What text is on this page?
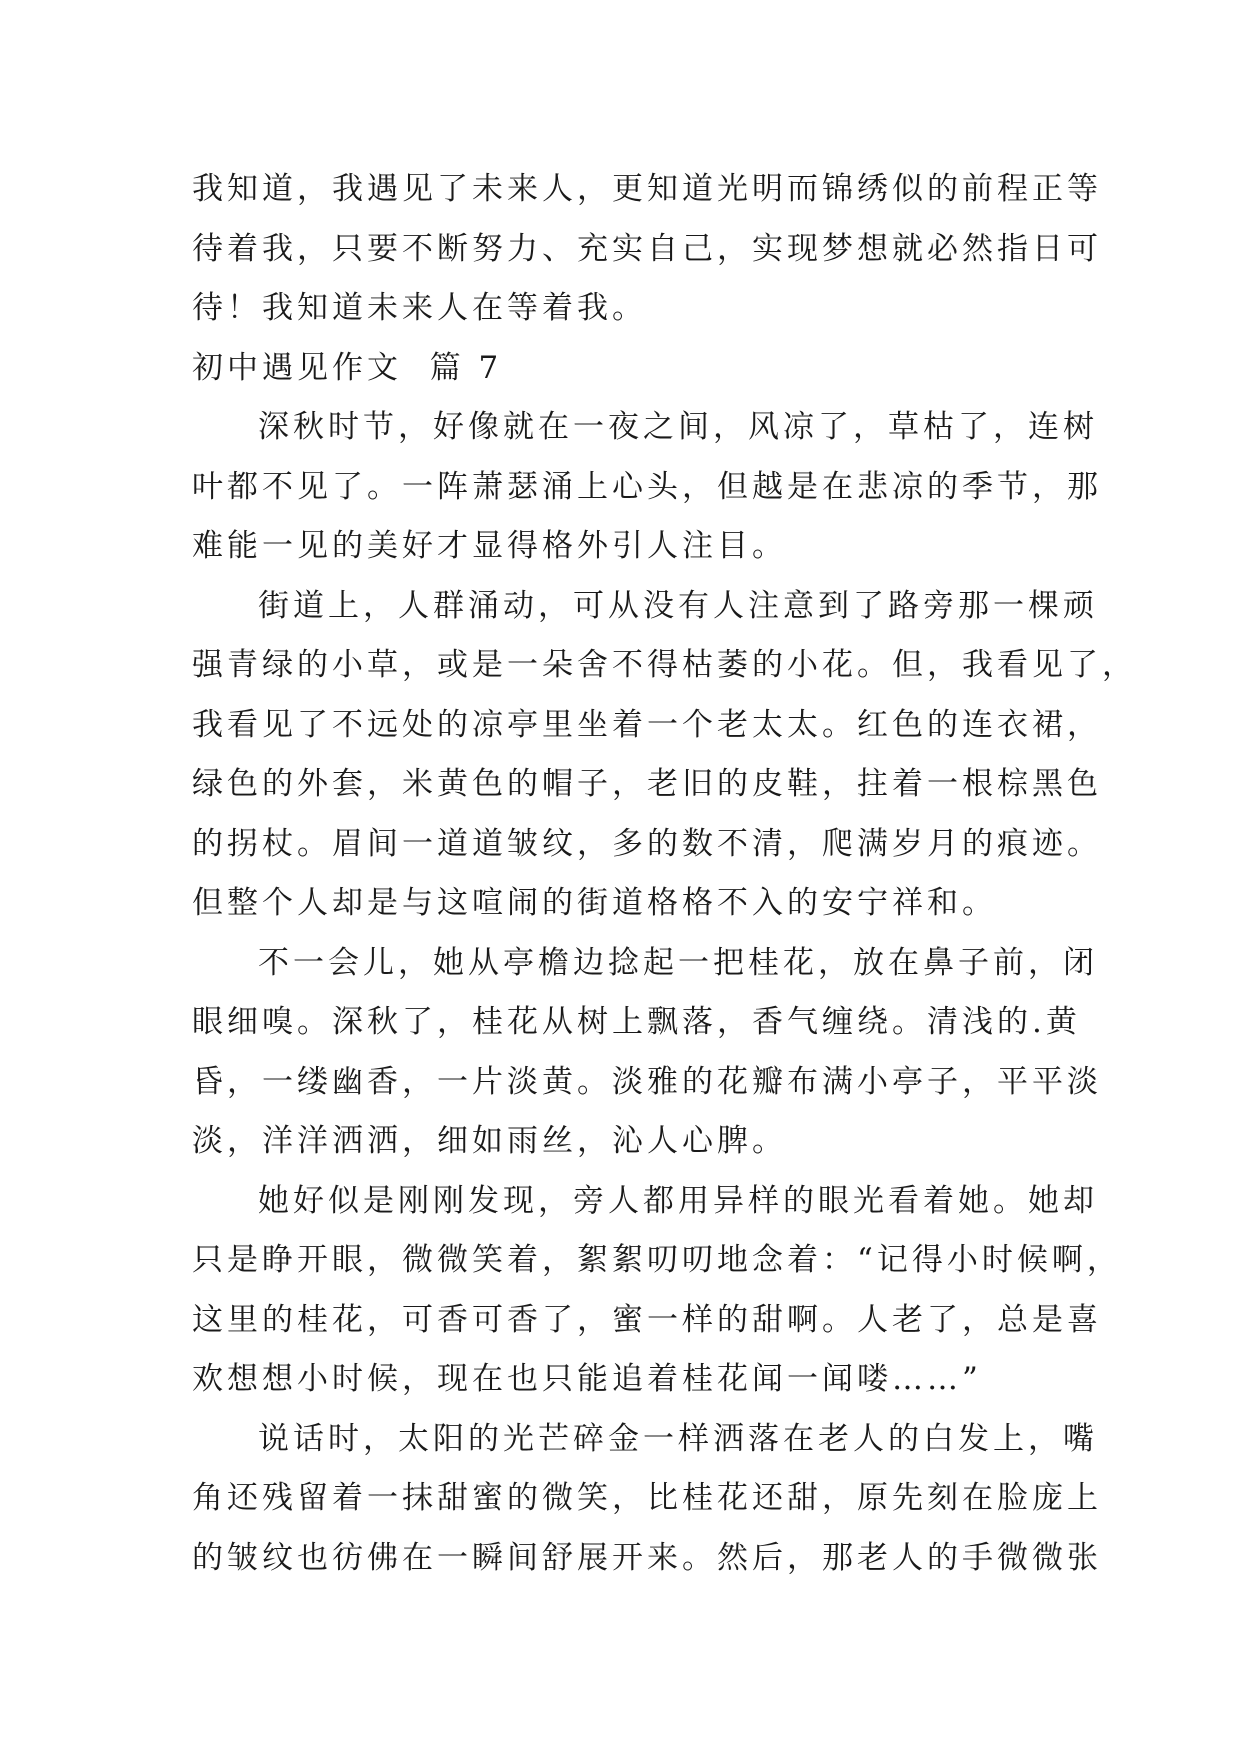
我知道，我遇见了未来人，更知道光明而锦绣似的前程正等
待着我，只要不断努力、充实自己，实现梦想就必然指日可
待！我知道未来人在等着我。
初中遇见作文  篇 7
深秋时节，好像就在一夜之间，风凉了，草枯了，连树
叶都不见了。一阵萧瑟涌上心头，但越是在悲凉的季节，那
难能一见的美好才显得格外引人注目。
街道上，人群涌动，可从没有人注意到了路旁那一棵顽
强青绿的小草，或是一朵舍不得枯萎的小花。但，我看见了，
我看见了不远处的凉亭里坐着一个老太太。红色的连衣裙，
绿色的外套，米黄色的帽子，老旧的皮鞋，拄着一根棕黑色
的拐杖。眉间一道道皱纹，多的数不清，爬满岁月的痕迹。
但整个人却是与这喧闹的街道格格不入的安宁祥和。
不一会儿，她从亭檐边捻起一把桂花，放在鼻子前，闭
眼细嗅。深秋了，桂花从树上飘落，香气缠绕。清浅的.黄
昏，一缕幽香，一片淡黄。淡雅的花瓣布满小亭子，平平淡
淡，洋洋洒洒，细如雨丝，沁人心脾。
她好似是刚刚发现，旁人都用异样的眼光看着她。她却
只是睁开眼，微微笑着，絮絮叨叨地念着：“记得小时候啊，
这里的桂花，可香可香了，蜜一样的甜啊。人老了，总是喜
欢想想小时候，现在也只能追着桂花闻一闻喽……”
说话时，太阳的光芒碎金一样洒落在老人的白发上，嘴
角还残留着一抹甜蜜的微笑，比桂花还甜，原先刻在脸庞上
的皱纹也彷佛在一瞬间舒展开来。然后，那老人的手微微张
